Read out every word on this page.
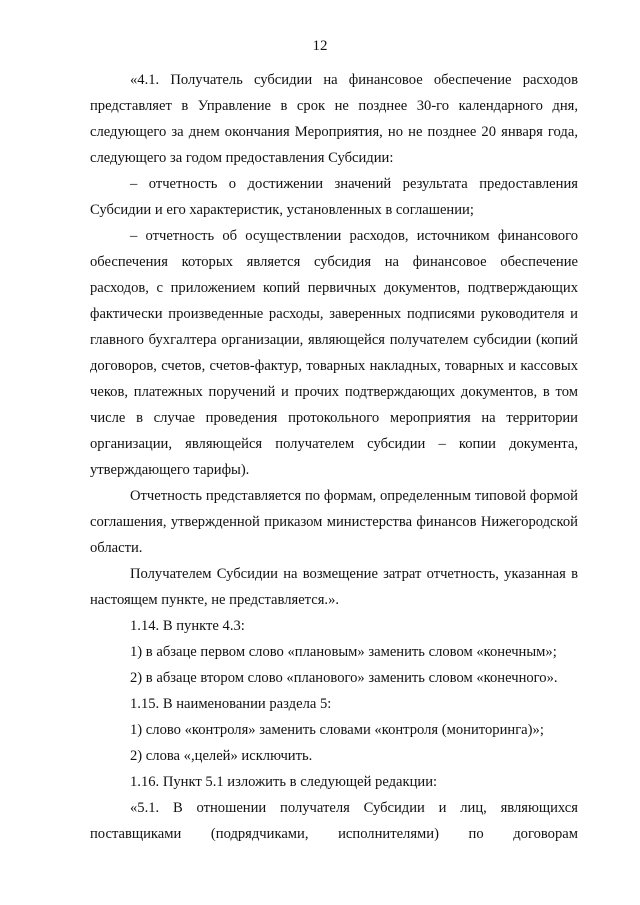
12

«4.1. Получатель субсидии на финансовое обеспечение расходов представляет в Управление в срок не позднее 30-го календарного дня, следующего за днем окончания Мероприятия, но не позднее 20 января года, следующего за годом предоставления Субсидии:

– отчетность о достижении значений результата предоставления Субсидии и его характеристик, установленных в соглашении;

– отчетность об осуществлении расходов, источником финансового обеспечения которых является субсидия на финансовое обеспечение расходов, с приложением копий первичных документов, подтверждающих фактически произведенные расходы, заверенных подписями руководителя и главного бухгалтера организации, являющейся получателем субсидии (копий договоров, счетов, счетов-фактур, товарных накладных, товарных и кассовых чеков, платежных поручений и прочих подтверждающих документов, в том числе в случае проведения протокольного мероприятия на территории организации, являющейся получателем субсидии – копии документа, утверждающего тарифы).

Отчетность представляется по формам, определенным типовой формой соглашения, утвержденной приказом министерства финансов Нижегородской области.

Получателем Субсидии на возмещение затрат отчетность, указанная в настоящем пункте, не представляется.».

1.14. В пункте 4.3:

1) в абзаце первом слово «плановым» заменить словом «конечным»;

2) в абзаце втором слово «планового» заменить словом «конечного».

1.15. В наименовании раздела 5:

1) слово «контроля» заменить словами «контроля (мониторинга)»;

2) слова «,целей» исключить.

1.16. Пункт 5.1 изложить в следующей редакции:

«5.1. В отношении получателя Субсидии и лиц, являющихся поставщиками (подрядчиками, исполнителями) по договорам
